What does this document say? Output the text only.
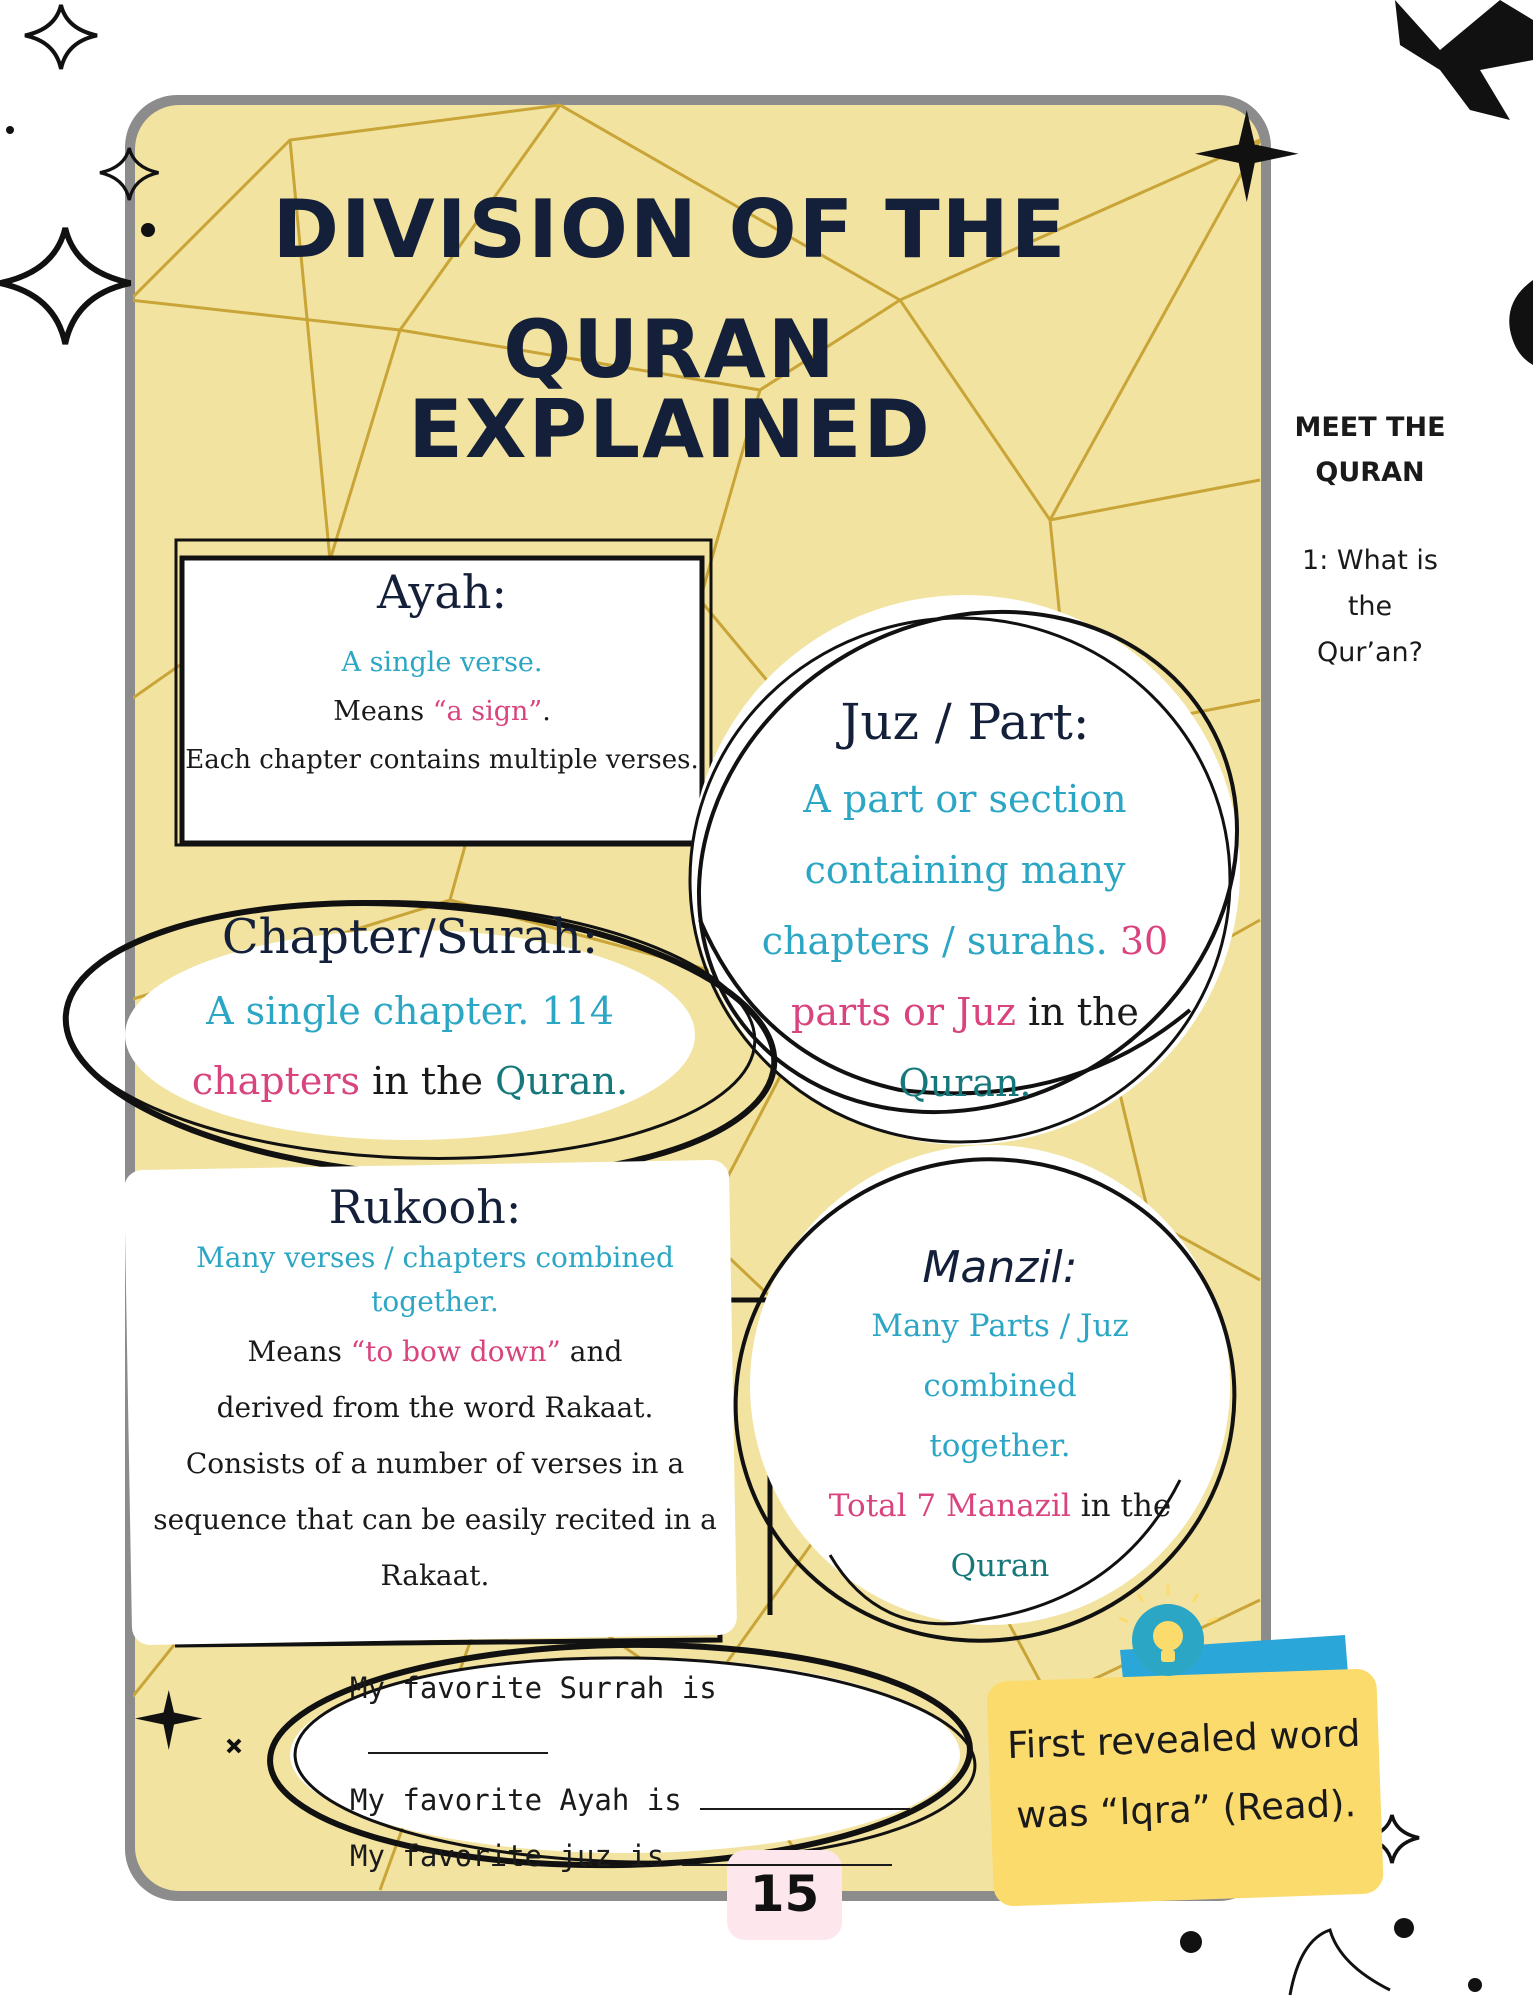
DIVISION OF THE
QURAN EXPLAINED	MEET THE
QURAN
1: What is
the
Qur’an?
Ayah:
A single verse.
Means “a sign”.
Each chapter contains multiple verses.
Juz / Part:
A part or section
containing many
chapters / surahs. 30
parts or Juz in the
Quran.
Chapter/Surah:
A single chapter. 114
chapters in the Quran.
Rukooh:
Many verses / chapters combined together.
Means “to bow down” and
derived from the word Rakaat.
Consists of a number of verses in a
sequence that can be easily recited in a
Rakaat.
Manzil:
Many Parts / Juz combined
together.
Total 7 Manazil in the
Quran
My favorite Surrah is
My favorite Ayah is
My favorite juz is
First revealed word
was “Iqra” (Read).
15
